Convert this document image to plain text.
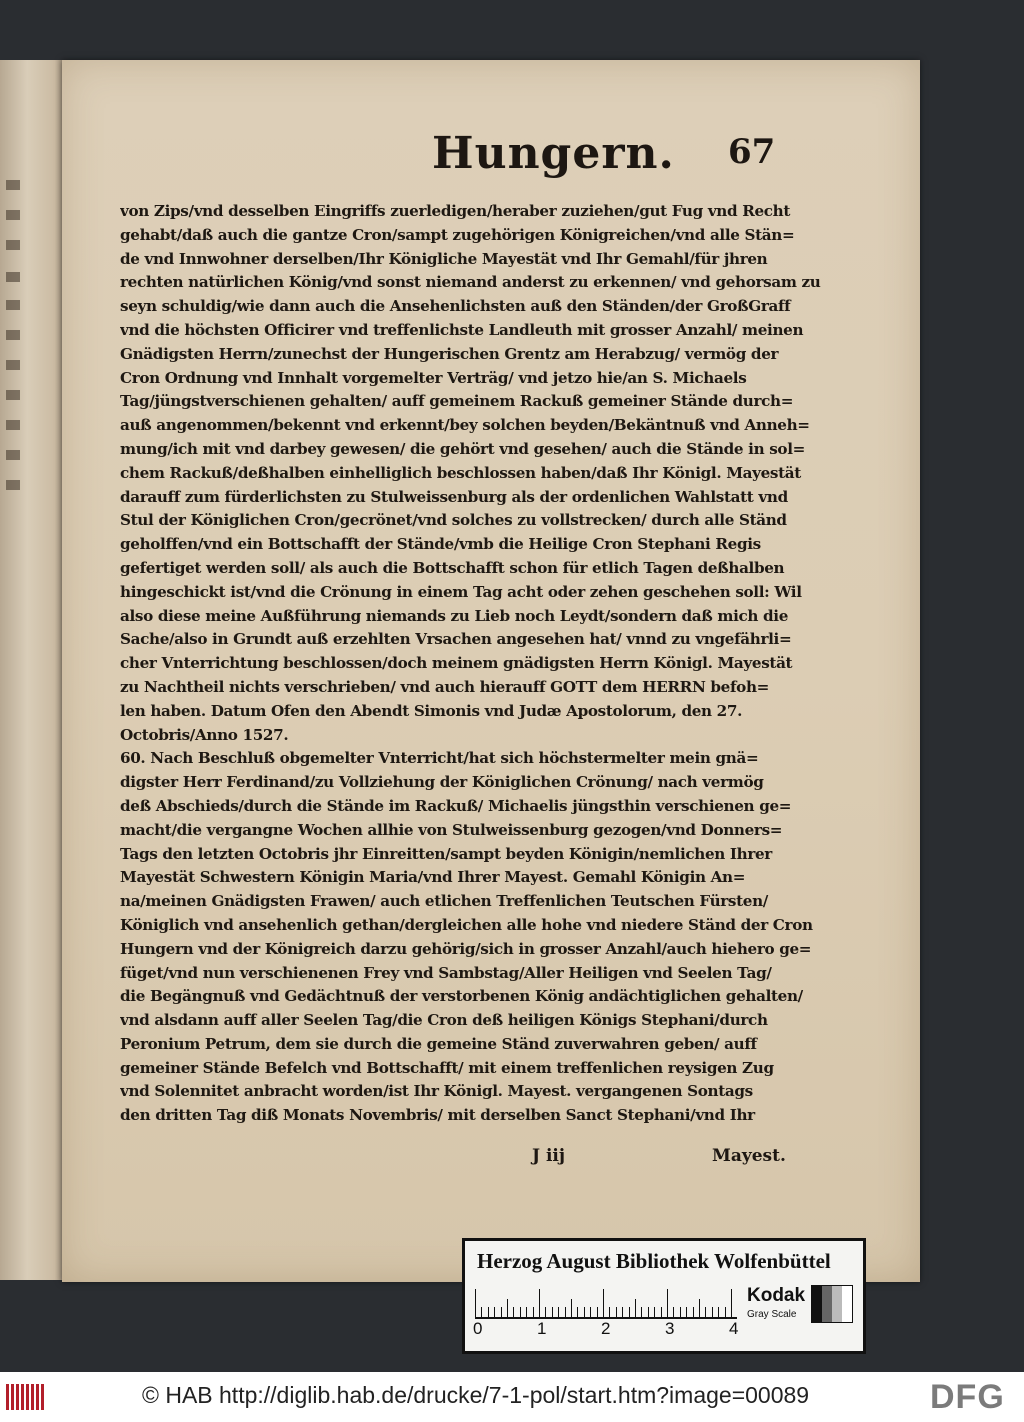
Hungern. 67
von Zips/vnd desselben Eingriffs zuerledigen/heraber zuziehen/gut Fug vnd Recht
gehabt/daß auch die gantze Cron/sampt zugehörigen Königreichen/vnd alle Stän=
de vnd Innwohner derselben/Ihr Königliche Mayestät vnd Ihr Gemahl/für jhren
rechten natürlichen König/vnd sonst niemand anderst zu erkennen/ vnd gehorsam zu
seyn schuldig/wie dann auch die Ansehenlichsten auß den Ständen/der GroßGraff
vnd die höchsten Officirer vnd treffenlichste Landleuth mit grosser Anzahl/ meinen
Gnädigsten Herrn/zunechst der Hungerischen Grentz am Herabzug/ vermög der
Cron Ordnung vnd Innhalt vorgemelter Verträg/ vnd jetzo hie/an S. Michaels
Tag/jüngstverschienen gehalten/ auff gemeinem Rackuß gemeiner Stände durch=
auß angenommen/bekennt vnd erkennt/bey solchen beyden/Bekäntnuß vnd Anneh=
mung/ich mit vnd darbey gewesen/ die gehört vnd gesehen/ auch die Stände in sol=
chem Rackuß/deßhalben einhelliglich beschlossen haben/daß Ihr Königl. Mayestät
darauff zum fürderlichsten zu Stulweissenburg als der ordenlichen Wahlstatt vnd
Stul der Königlichen Cron/gecrönet/vnd solches zu vollstrecken/ durch alle Ständ
geholffen/vnd ein Bottschafft der Stände/vmb die Heilige Cron Stephani Regis
gefertiget werden soll/ als auch die Bottschafft schon für etlich Tagen deßhalben
hingeschickt ist/vnd die Crönung in einem Tag acht oder zehen geschehen soll: Wil
also diese meine Außführung niemands zu Lieb noch Leydt/sondern daß mich die
Sache/also in Grundt auß erzehlten Vrsachen angesehen hat/ vnnd zu vngefährli=
cher Vnterrichtung beschlossen/doch meinem gnädigsten Herrn Königl. Mayestät
zu Nachtheil nichts verschrieben/ vnd auch hierauff GOTT dem HERRN befoh=
len haben. Datum Ofen den Abendt Simonis vnd Judæ Apostolorum, den 27.
Octobris/Anno 1527.
60. Nach Beschluß obgemelter Vnterricht/hat sich höchstermelter mein gnä=
digster Herr Ferdinand/zu Vollziehung der Königlichen Crönung/ nach vermög
deß Abschieds/durch die Stände im Rackuß/ Michaelis jüngsthin verschienen ge=
macht/die vergangne Wochen allhie von Stulweissenburg gezogen/vnd Donners=
Tags den letzten Octobris jhr Einreitten/sampt beyden Königin/nemlichen Ihrer
Mayestät Schwestern Königin Maria/vnd Ihrer Mayest. Gemahl Königin An=
na/meinen Gnädigsten Frawen/ auch etlichen Treffenlichen Teutschen Fürsten/
Königlich vnd ansehenlich gethan/dergleichen alle hohe vnd niedere Ständ der Cron
Hungern vnd der Königreich darzu gehörig/sich in grosser Anzahl/auch hiehero ge=
füget/vnd nun verschienenen Frey vnd Sambstag/Aller Heiligen vnd Seelen Tag/
die Begängnuß vnd Gedächtnuß der verstorbenen König andächtiglichen gehalten/
vnd alsdann auff aller Seelen Tag/die Cron deß heiligen Königs Stephani/durch
Peronium Petrum, dem sie durch die gemeine Ständ zuverwahren geben/ auff
gemeiner Stände Befelch vnd Bottschafft/ mit einem treffenlichen reysigen Zug
vnd Solennitet anbracht worden/ist Ihr Königl. Mayest. vergangenen Sontags
den dritten Tag diß Monats Novembris/ mit derselben Sanct Stephani/vnd Ihr
J iij	Mayest.
Herzog August Bibliothek Wolfenbüttel
0	1	2	3	4
Kodak
Gray Scale
© HAB http://diglib.hab.de/drucke/7-1-pol/start.htm?image=00089	DFG
